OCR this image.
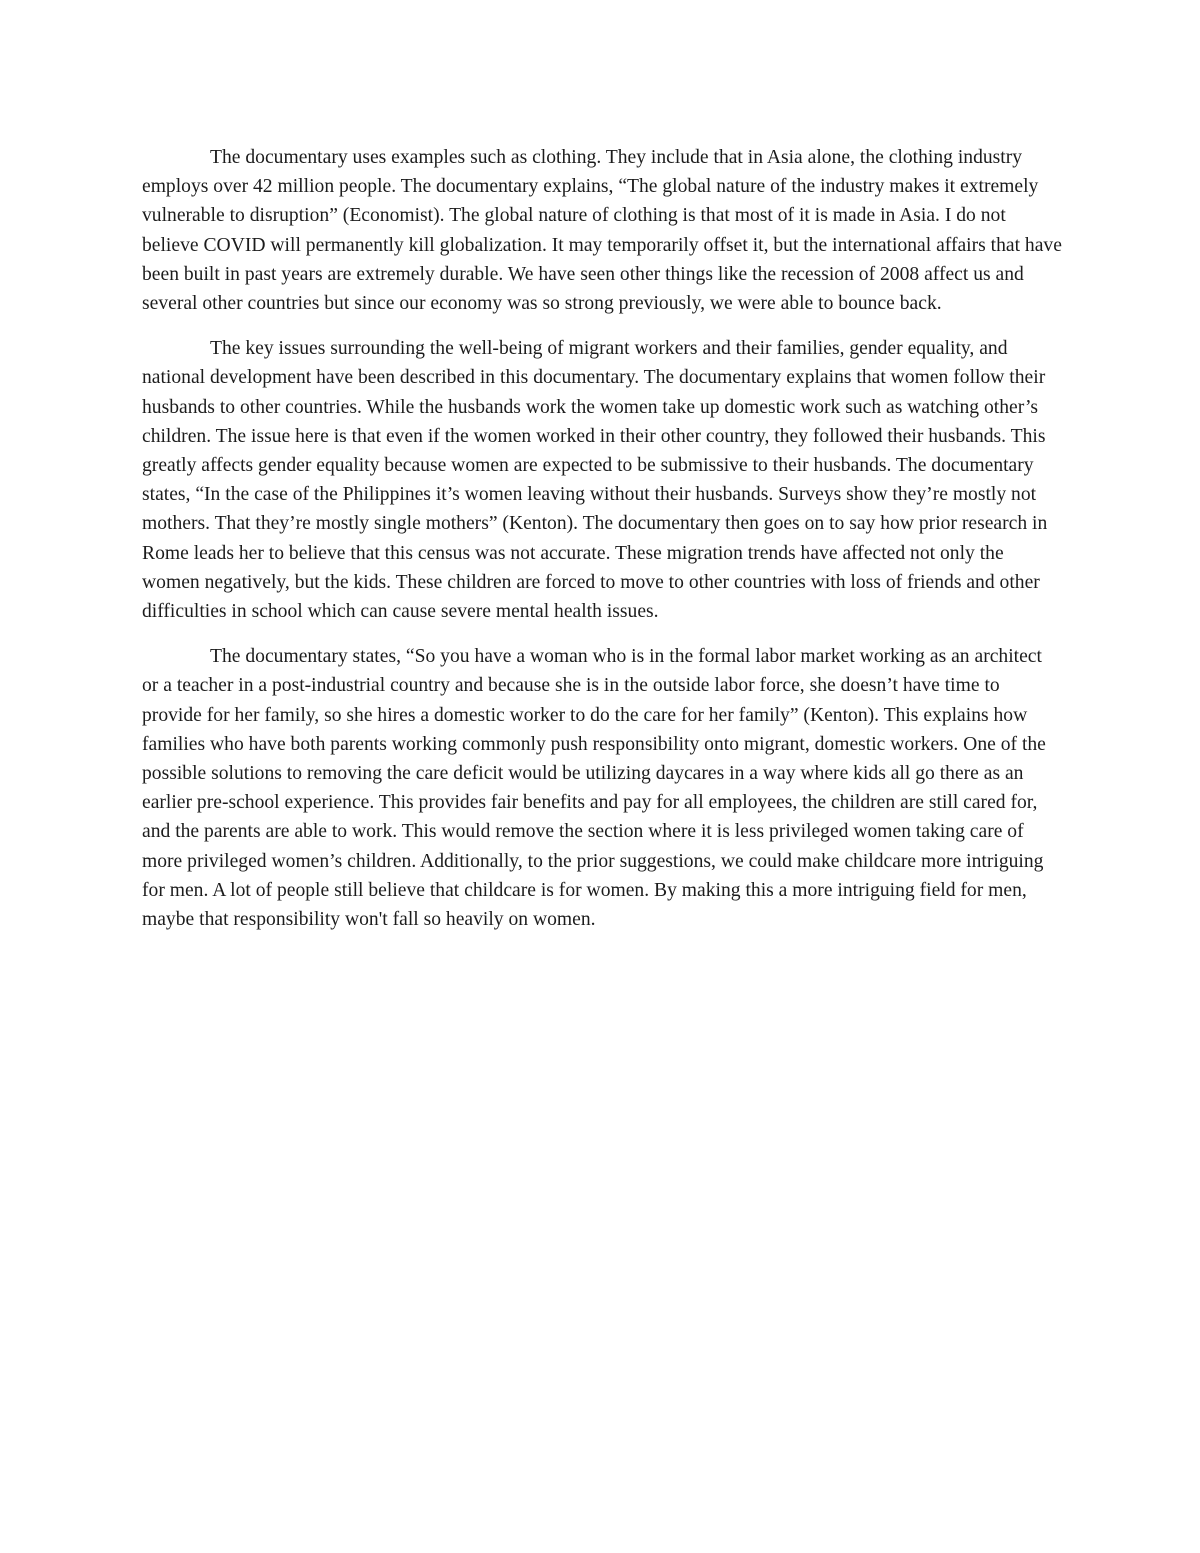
The documentary uses examples such as clothing. They include that in Asia alone, the clothing industry employs over 42 million people. The documentary explains, “The global nature of the industry makes it extremely vulnerable to disruption” (Economist). The global nature of clothing is that most of it is made in Asia. I do not believe COVID will permanently kill globalization. It may temporarily offset it, but the international affairs that have been built in past years are extremely durable. We have seen other things like the recession of 2008 affect us and several other countries but since our economy was so strong previously, we were able to bounce back.

The key issues surrounding the well-being of migrant workers and their families, gender equality, and national development have been described in this documentary. The documentary explains that women follow their husbands to other countries. While the husbands work the women take up domestic work such as watching other’s children. The issue here is that even if the women worked in their other country, they followed their husbands. This greatly affects gender equality because women are expected to be submissive to their husbands. The documentary states, “In the case of the Philippines it’s women leaving without their husbands. Surveys show they’re mostly not mothers. That they’re mostly single mothers” (Kenton). The documentary then goes on to say how prior research in Rome leads her to believe that this census was not accurate. These migration trends have affected not only the women negatively, but the kids. These children are forced to move to other countries with loss of friends and other difficulties in school which can cause severe mental health issues.

The documentary states, “So you have a woman who is in the formal labor market working as an architect or a teacher in a post-industrial country and because she is in the outside labor force, she doesn’t have time to provide for her family, so she hires a domestic worker to do the care for her family” (Kenton). This explains how families who have both parents working commonly push responsibility onto migrant, domestic workers. One of the possible solutions to removing the care deficit would be utilizing daycares in a way where kids all go there as an earlier pre-school experience. This provides fair benefits and pay for all employees, the children are still cared for, and the parents are able to work. This would remove the section where it is less privileged women taking care of more privileged women’s children. Additionally, to the prior suggestions, we could make childcare more intriguing for men. A lot of people still believe that childcare is for women. By making this a more intriguing field for men, maybe that responsibility won't fall so heavily on women.
